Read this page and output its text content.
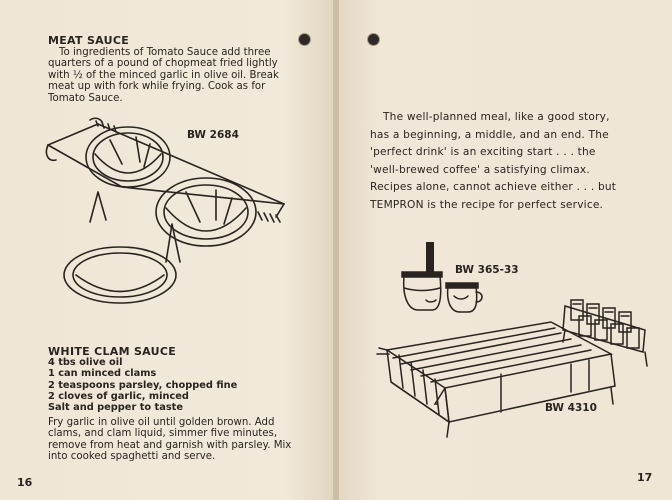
MEAT SAUCE

To ingredients of Tomato Sauce add three quarters of a pound of chopmeat fried lightly with ½ of the minced garlic in olive oil. Break meat up with fork while frying. Cook as for Tomato Sauce.

BW 2684
WHITE CLAM SAUCE
4 tbs olive oil
1 can minced clams
2 teaspoons parsley, chopped fine
2 cloves of garlic, minced
Salt and pepper to taste

Fry garlic in olive oil until golden brown. Add clams, and clam liquid, simmer five minutes, remove from heat and garnish with parsley. Mix into cooked spaghetti and serve.

16

The well-planned meal, like a good story, has a beginning, a middle, and an end. The 'perfect drink' is an exciting start . . . the 'well-brewed coffee' a satisfying climax. Recipes alone, cannot achieve either . . . but TEMPRON is the recipe for perfect service.

BW 365-33
BW 4310
17
